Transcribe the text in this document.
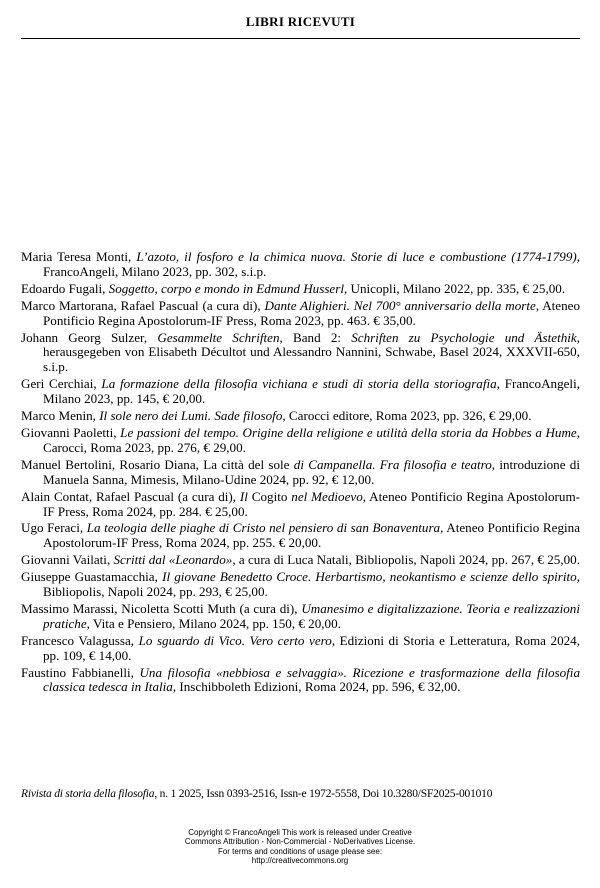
LIBRI RICEVUTI

Maria Teresa Monti, L’azoto, il fosforo e la chimica nuova. Storie di luce e combustione (1774-1799), FrancoAngeli, Milano 2023, pp. 302, s.i.p.

Edoardo Fugali, Soggetto, corpo e mondo in Edmund Husserl, Unicopli, Milano 2022, pp. 335, € 25,00.

Marco Martorana, Rafael Pascual (a cura di), Dante Alighieri. Nel 700° anniversario della morte, Ateneo Pontificio Regina Apostolorum-IF Press, Roma 2023, pp. 463. € 35,00.

Johann Georg Sulzer, Gesammelte Schriften, Band 2: Schriften zu Psychologie und Ästethik, herausgegeben von Elisabeth Décultot und Alessandro Nannini, Schwabe, Basel 2024, XXXVII-650, s.i.p.

Geri Cerchiai, La formazione della filosofia vichiana e studi di storia della storiografia, FrancoAngeli, Milano 2023, pp. 145, € 20,00.

Marco Menin, Il sole nero dei Lumi. Sade filosofo, Carocci editore, Roma 2023, pp. 326, € 29,00.

Giovanni Paoletti, Le passioni del tempo. Origine della religione e utilità della storia da Hobbes a Hume, Carocci, Roma 2023, pp. 276, € 29,00.

Manuel Bertolini, Rosario Diana, La città del sole di Campanella. Fra filosofia e teatro, introduzione di Manuela Sanna, Mimesis, Milano-Udine 2024, pp. 92, € 12,00.

Alain Contat, Rafael Pascual (a cura di), Il Cogito nel Medioevo, Ateneo Pontificio Regina Apostolorum-IF Press, Roma 2024, pp. 284. € 25,00.

Ugo Feraci, La teologia delle piaghe di Cristo nel pensiero di san Bonaventura, Ateneo Pontificio Regina Apostolorum-IF Press, Roma 2024, pp. 255. € 20,00.

Giovanni Vailati, Scritti dal «Leonardo», a cura di Luca Natali, Bibliopolis, Napoli 2024, pp. 267, € 25,00.

Giuseppe Guastamacchia, Il giovane Benedetto Croce. Herbartismo, neokantismo e scienze dello spirito, Bibliopolis, Napoli 2024, pp. 293, € 25,00.

Massimo Marassi, Nicoletta Scotti Muth (a cura di), Umanesimo e digitalizzazione. Teoria e realizzazioni pratiche, Vita e Pensiero, Milano 2024, pp. 150, € 20,00.

Francesco Valagussa, Lo sguardo di Vico. Vero certo vero, Edizioni di Storia e Letteratura, Roma 2024, pp. 109, € 14,00.

Faustino Fabbianelli, Una filosofia «nebbiosa e selvaggia». Ricezione e trasformazione della filosofia classica tedesca in Italia, Inschibboleth Edizioni, Roma 2024, pp. 596, € 32,00.

Rivista di storia della filosofia, n. 1 2025, Issn 0393-2516, Issn-e 1972-5558, Doi 10.3280/SF2025-001010
Copyright © FrancoAngeli This work is released under Creative
Commons Attribution - Non-Commercial - NoDerivatives License.
For terms and conditions of usage please see:
http://creativecommons.org
